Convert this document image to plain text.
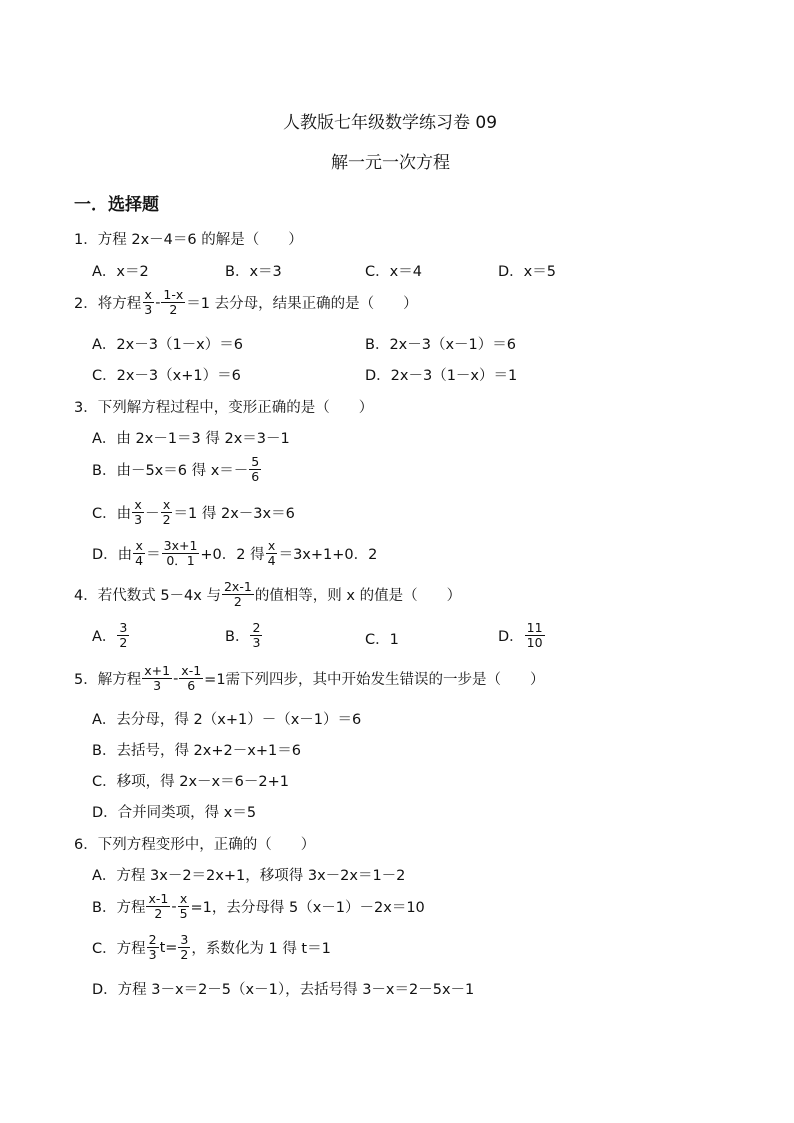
人教版七年级数学练习卷 09
解一元一次方程
一．选择题
1．方程 2x－4＝6 的解是（　　）
A．x＝2	B．x＝3	C．x＝4	D．x＝5
2．将方程 $\frac{x}{3} - \frac{1-x}{2} =1$ 去分母，结果正确的是（　　）
A．2x－3（1－x）＝6	B．2x－3（x－1）＝6
C．2x－3（x+1）＝6	D．2x－3（1－x）＝1
3．下列解方程过程中，变形正确的是（　　）
A．由 2x－1＝3 得 2x＝3－1
B．由－5x＝6 得 $x=- \frac{5}{6}$
C．由 $\frac{x}{3} - \frac{x}{2} =1$ 得 2x－3x＝6
D．由 $\frac{x}{4} = \frac{3x+1}{0.1} +0$．2 得 $\frac{x}{4} =3x+1+0$．2
4．若代数式 5－4x 与 $\frac{2x-1}{2}$ 的值相等，则 x 的值是（　　）
A． $\frac{3}{2}$	B． $\frac{2}{3}$	C．1	D． $\frac{11}{10}$
5．解方程 $\frac{x+1}{3} - \frac{x-1}{6} =1$需下列四步，其中开始发生错误的一步是（　　）
A．去分母，得 2（x+1）－（x－1）＝6
B．去括号，得 2x+2－x+1＝6
C．移项，得 2x－x＝6－2+1
D．合并同类项，得 x＝5
6．下列方程变形中，正确的（　　）
A．方程 3x－2＝2x+1，移项得 3x－2x＝1－2
B．方程 $\frac{x-1}{2} - \frac{x}{5} =1$，去分母得 5（x－1）－2x＝10
C．方程 $\frac{2}{3} t= \frac{3}{2}$ ，系数化为 1 得 t＝1
D．方程 3－x＝2－5（x－1），去括号得 3－x＝2－5x－1
